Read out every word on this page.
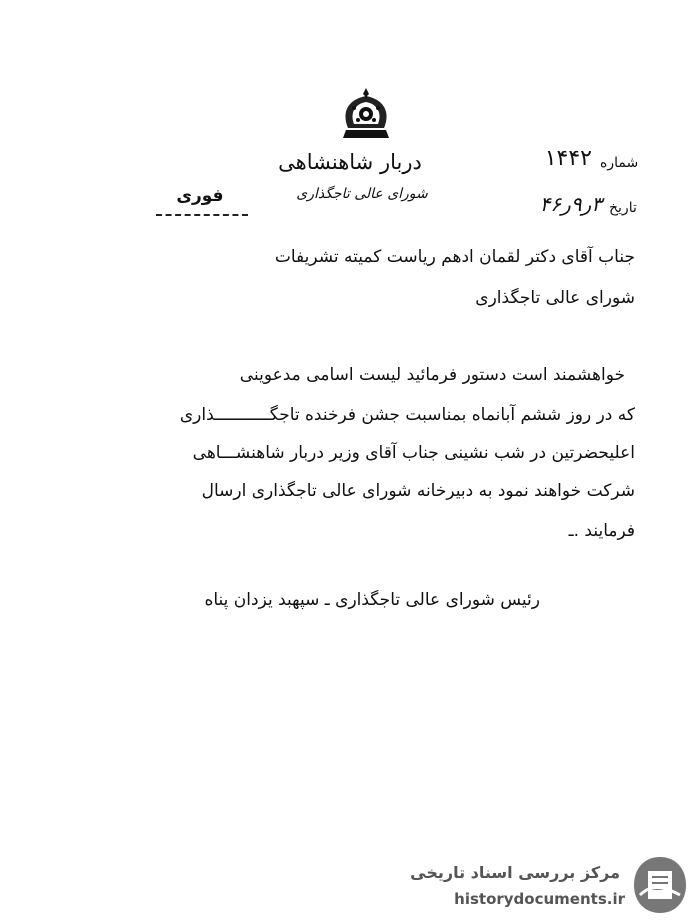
دربار شاهنشاهی
شورای عالی تاجگذاری
فوری
شماره
۱۴۴۲
تاریخ
۳ر۹ر۴۶
جناب آقای دکتر لقمان ادهم ریاست کمیته تشریفات
شورای عالی تاجگذاری
خواهشمند است دستور فرمائید لیست اسامی مدعوینی
که در روز ششم آبانماه بمناسبت جشن فرخنده تاجگـــــــــــذاری
اعلیحضرتین در شب نشینی جناب آقای وزیر دربار شاهنشـــاهی
شرکت خواهند نمود به دبیرخانه شورای عالی تاجگذاری ارسال
فرمایند .ـ
رئیس شورای عالی تاجگذاری ـ سپهبد یزدان پناه
مرکز بررسی اسناد تاریخی
historydocuments.ir
